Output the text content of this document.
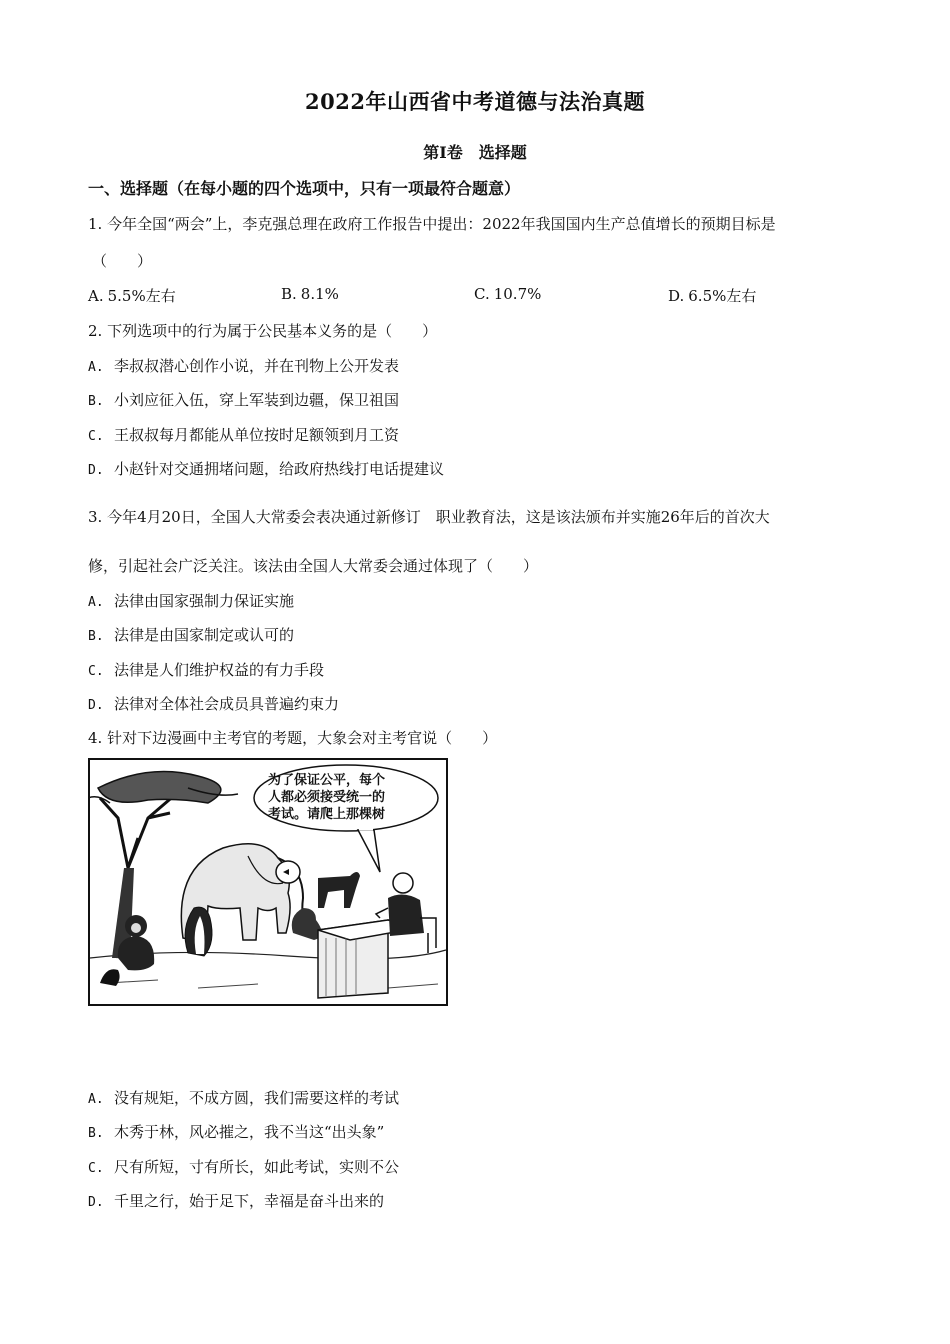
2022年山西省中考道德与法治真题
第Ⅰ卷　选择题
一、选择题（在每小题的四个选项中，只有一项最符合题意）
1. 今年全国“两会”上，李克强总理在政府工作报告中提出：2022年我国国内生产总值增长的预期目标是
（　　）
A. 5.5%左右	B. 8.1%	C. 10.7%	D. 6.5%左右
2. 下列选项中的行为属于公民基本义务的是（　　）
A. 李叔叔潜心创作小说，并在刊物上公开发表
B. 小刘应征入伍，穿上军装到边疆，保卫祖国
C. 王叔叔每月都能从单位按时足额领到月工资
D. 小赵针对交通拥堵问题，给政府热线打电话提建议
3. 今年4月20日，全国人大常委会表决通过新修订　职业教育法，这是该法颁布并实施26年后的首次大
修，引起社会广泛关注。该法由全国人大常委会通过体现了（　　）
A. 法律由国家强制力保证实施
B. 法律是由国家制定或认可的
C. 法律是人们维护权益的有力手段
D. 法律对全体社会成员具普遍约束力
4. 针对下边漫画中主考官的考题，大象会对主考官说（　　）
为了保证公平，每个
人都必须接受统一的
考试。请爬上那棵树
A. 没有规矩，不成方圆，我们需要这样的考试
B. 木秀于林，风必摧之，我不当这“出头象”
C. 尺有所短，寸有所长，如此考试，实则不公
D. 千里之行，始于足下，幸福是奋斗出来的
